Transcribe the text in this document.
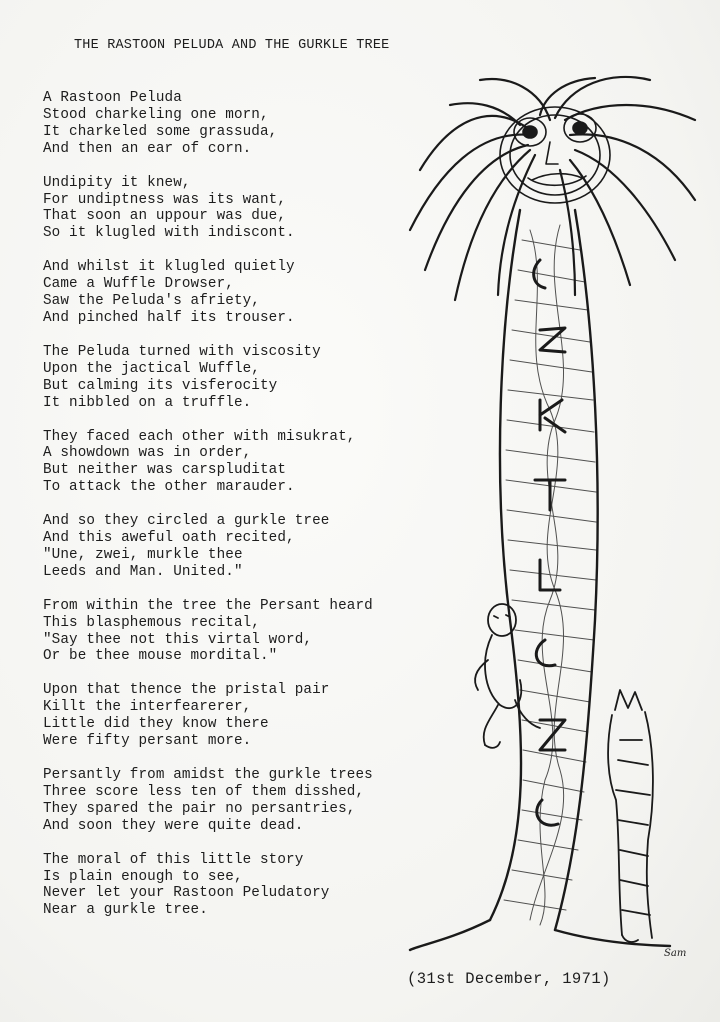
THE RASTOON PELUDA AND THE GURKLE TREE
A Rastoon Peluda
Stood charkeling one morn,
It charkeled some grassuda,
And then an ear of corn.
Undipity it knew,
For undiptness was its want,
That soon an uppour was due,
So it klugled with indiscont.
And whilst it klugled quietly
Came a Wuffle Drowser,
Saw the Peluda's afriety,
And pinched half its trouser.
The Peluda turned with viscosity
Upon the jactical Wuffle,
But calming its visferocity
It nibbled on a truffle.
They faced each other with misukrat,
A showdown was in order,
But neither was carspluditat
To attack the other marauder.
And so they circled a gurkle tree
And this aweful oath recited,
"Une, zwei, murkle thee
Leeds and Man. United."
From within the tree the Persant heard
This blasphemous recital,
"Say thee not this virtal word,
Or be thee mouse mordital."
Upon that thence the pristal pair
Killt the interfearerer,
Little did they know there
Were fifty persant more.
Persantly from amidst the gurkle trees
Three score less ten of them disshed,
They spared the pair no persantries,
And soon they were quite dead.
The moral of this little story
Is plain enough to see,
Never let your Rastoon Peludatory
Near a gurkle tree.
Sam
(31st December, 1971)
